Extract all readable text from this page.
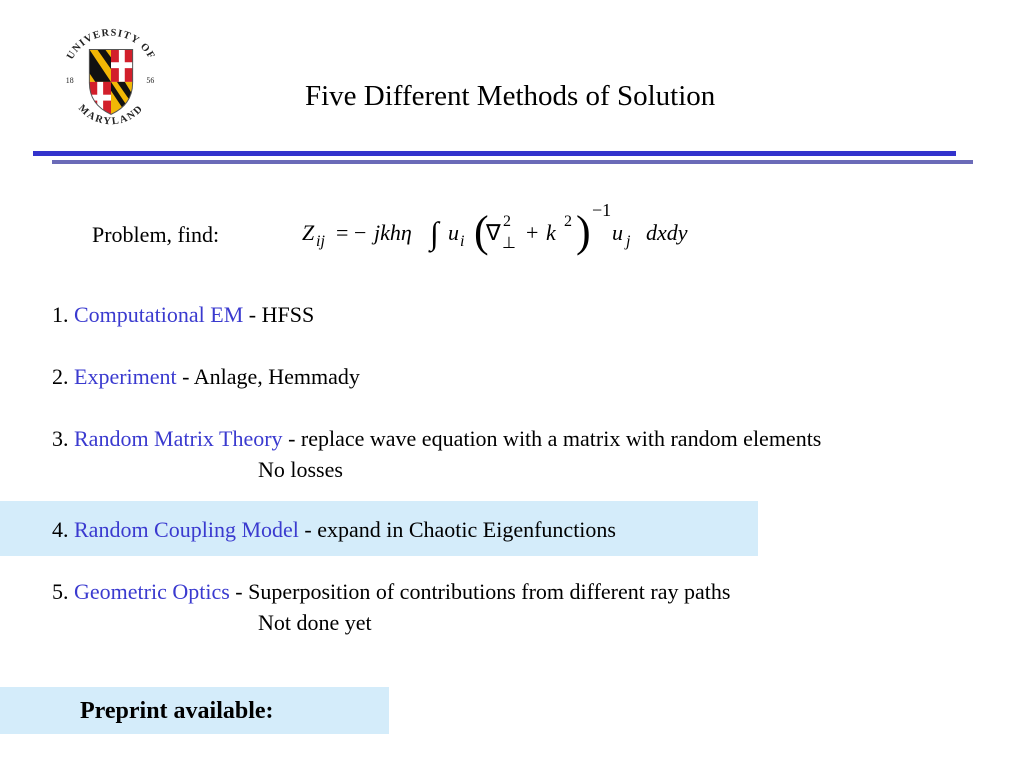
UNIVERSITY OF
MARYLAND
18	56	Five Different Methods of Solution
Problem, find:	Z ij = − jkhη ∫ u i (
∇ 2
⊥ + k 2 ) −1
u j dxdy
1. Computational EM - HFSS
2. Experiment - Anlage, Hemmady
3. Random Matrix Theory - replace wave equation with a matrix with random elements
No losses
4. Random Coupling Model - expand in Chaotic Eigenfunctions
5. Geometric Optics - Superposition of contributions from different ray paths
Not done yet
Preprint available:
